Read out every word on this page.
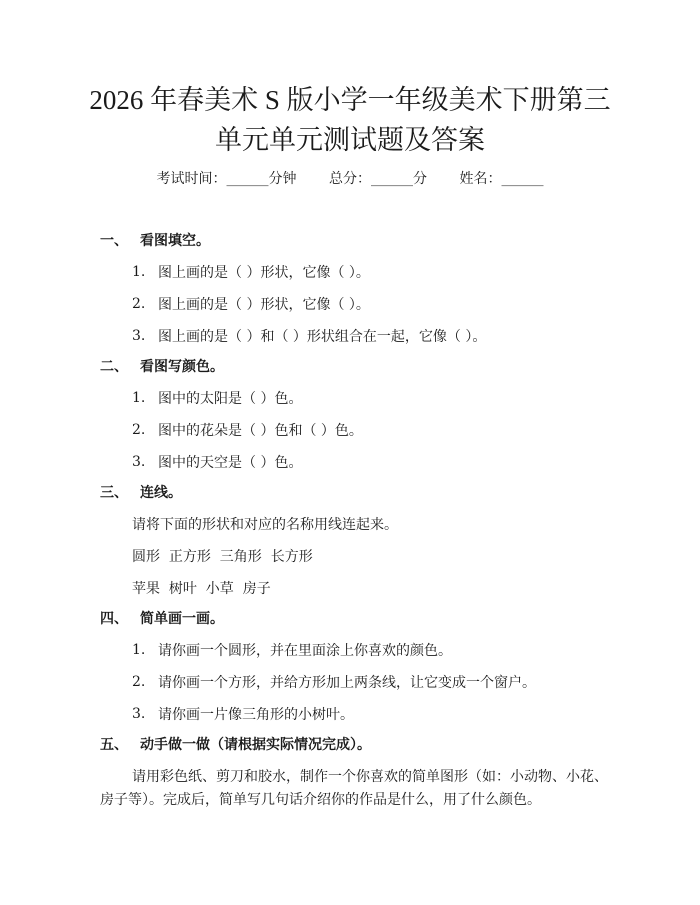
2026 年春美术 S 版小学一年级美术下册第三
单元单元测试题及答案
考试时间：______分钟 总分：______分 姓名：______
一、 看图填空。
1. 图上画的是（ ）形状，它像（ ）。
2. 图上画的是（ ）形状，它像（ ）。
3. 图上画的是（ ）和（ ）形状组合在一起，它像（ ）。
二、 看图写颜色。
1. 图中的太阳是（ ）色。
2. 图中的花朵是（ ）色和（ ）色。
3. 图中的天空是（ ）色。
三、 连线。
请将下面的形状和对应的名称用线连起来。
圆形  正方形  三角形  长方形
苹果  树叶  小草  房子
四、 简单画一画。
1. 请你画一个圆形，并在里面涂上你喜欢的颜色。
2. 请你画一个方形，并给方形加上两条线，让它变成一个窗户。
3. 请你画一片像三角形的小树叶。
五、 动手做一做（请根据实际情况完成）。
请用彩色纸、剪刀和胶水，制作一个你喜欢的简单图形（如：小动物、小花、房子等）。完成后，简单写几句话介绍你的作品是什么，用了什么颜色。
